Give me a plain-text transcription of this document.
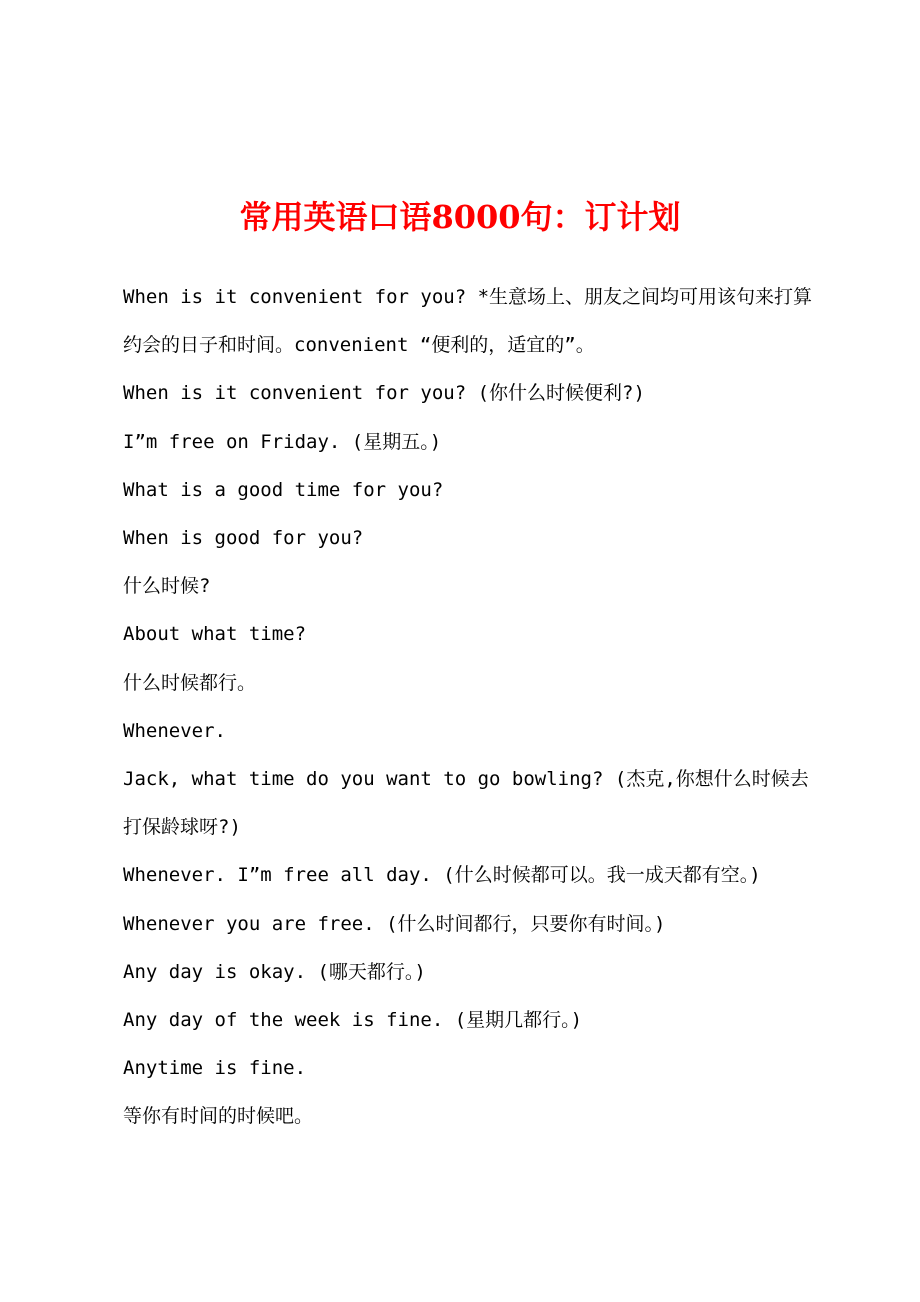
常用英语口语8000句：订计划

When is it convenient for you? *生意场上、朋友之间均可用该句来打算约会的日子和时间。convenient “便利的，适宜的”。

When is it convenient for you? (你什么时候便利?)

I”m free on Friday. (星期五。)

What is a good time for you?

When is good for you?

什么时候?

About what time?

什么时候都行。

Whenever.

Jack, what time do you want to go bowling? (杰克,你想什么时候去打保龄球呀?)

Whenever. I”m free all day. (什么时候都可以。我一成天都有空。)

Whenever you are free. (什么时间都行，只要你有时间。)

Any day is okay. (哪天都行。)

Any day of the week is fine. (星期几都行。)

Anytime is fine.

等你有时间的时候吧。
